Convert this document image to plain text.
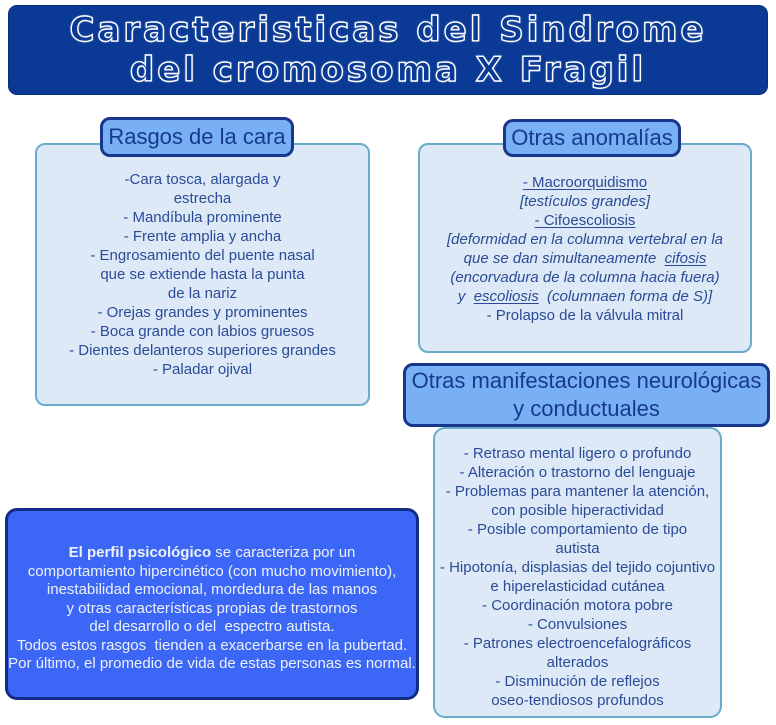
Caracteristicas del Sindrome
del cromosoma X Fragil
Rasgos de la cara
-Cara tosca, alargada y
estrecha
- Mandíbula prominente
- Frente amplia y ancha
- Engrosamiento del puente nasal
que se extiende hasta la punta
de la nariz
- Orejas grandes y prominentes
- Boca grande con labios gruesos
- Dientes delanteros superiores grandes
- Paladar ojival
Otras anomalías
- Macroorquidismo
[testículos grandes]
- Cifoescoliosis
[deformidad en la columna vertebral en la
que se dan simultaneamente  cifosis
(encorvadura de la columna hacia fuera)
y  escoliosis  (columnaen forma de S)]
- Prolapso de la válvula mitral
Otras manifestaciones neurológicas
y conductuales
- Retraso mental ligero o profundo
- Alteración o trastorno del lenguaje
- Problemas para mantener la atención,
con posible hiperactividad
- Posible comportamiento de tipo
autista
- Hipotonía, displasias del tejido cojuntivo
e hiperelasticidad cutánea
- Coordinación motora pobre
- Convulsiones
- Patrones electroencefalográficos alterados
- Disminución de reflejos
oseo-tendiosos profundos
El perfil psicológico se caracteriza por un
comportamiento hipercinético (con mucho movimiento),
inestabilidad emocional, mordedura de las manos
y otras características propias de trastornos
del desarrollo o del  espectro autista.
Todos estos rasgos  tienden a exacerbarse en la pubertad.
Por último, el promedio de vida de estas personas es normal.
